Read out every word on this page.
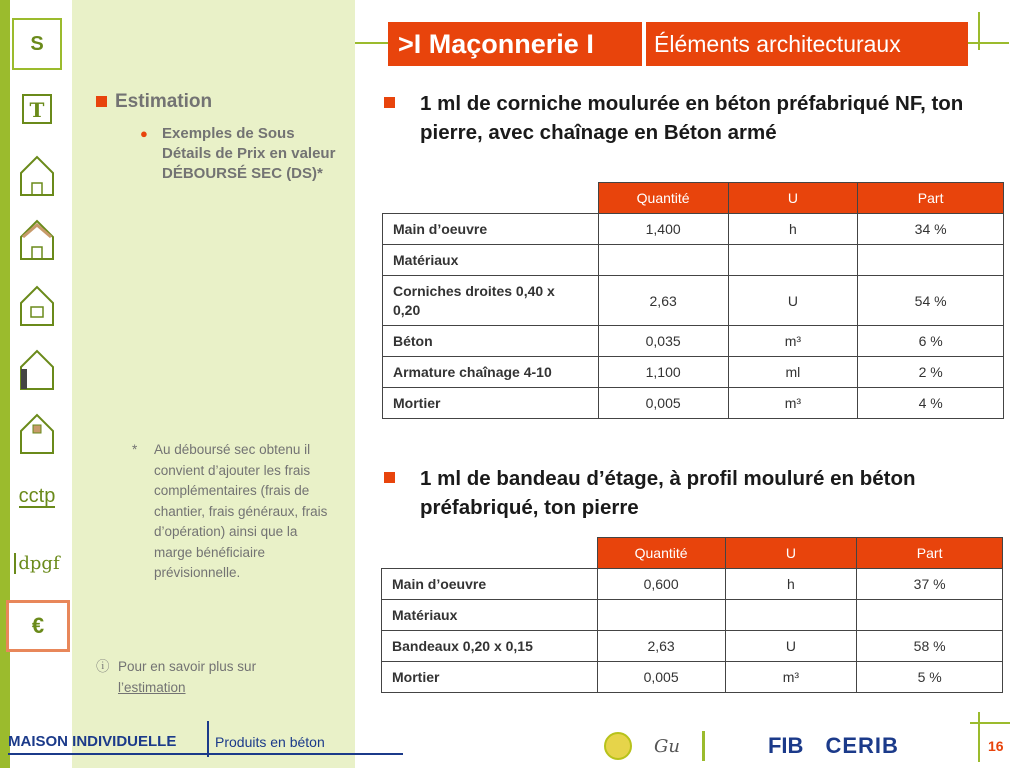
S
T
cctp
dpgf
€
Estimation
● Exemples de Sous Détails de Prix en valeur DÉBOURSÉ SEC (DS)*
* Au déboursé sec obtenu il convient d’ajouter les frais complémentaires (frais de chantier, frais généraux, frais d’opération) ainsi que la marge bénéficiaire prévisionnelle.
ⓘ Pour en savoir plus sur
l’estimation
>I Maçonnerie I	Éléments architecturaux
1 ml de corniche moulurée en béton préfabriqué NF, ton pierre, avec chaînage en Béton armé
	Quantité	U	Part
Main d’oeuvre	1,400	h	34 %
Matériaux			
Corniches droites 0,40 x 0,20	2,63	U	54 %
Béton	0,035	m³	6 %
Armature chaînage 4-10	1,100	ml	2 %
Mortier	0,005	m³	4 %
1 ml de bandeau d’étage, à profil mouluré en béton préfabriqué, ton pierre
	Quantité	U	Part
Main d’oeuvre	0,600	h	37 %
Matériaux			
Bandeaux 0,20 x 0,15	2,63	U	58 %
Mortier	0,005	m³	5 %
MAISON INDIVIDUELLE	Produits en béton	Gu	FIB CERIB	16
